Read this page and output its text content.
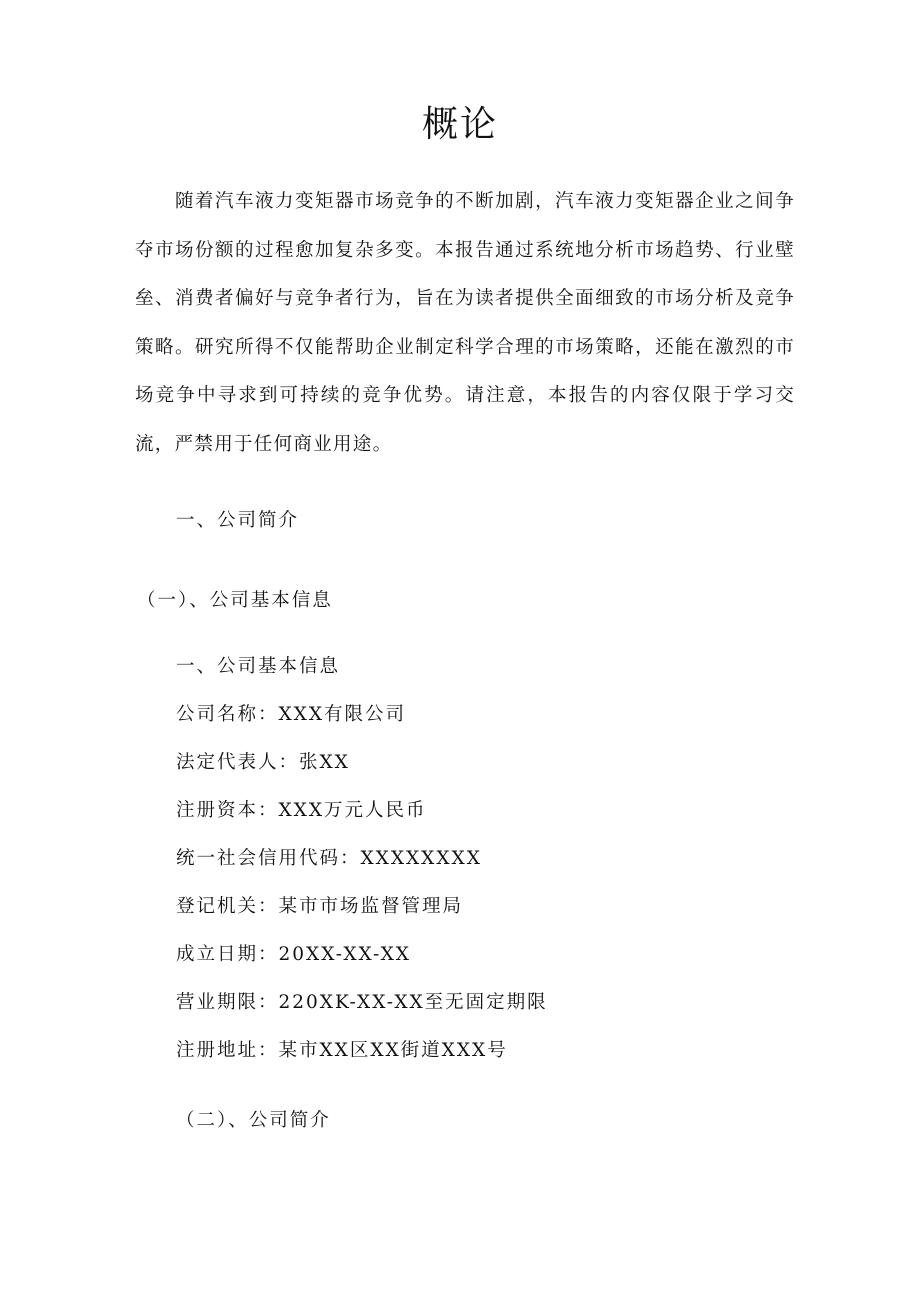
概论
随着汽车液力变矩器市场竞争的不断加剧，汽车液力变矩器企业之间争夺市场份额的过程愈加复杂多变。本报告通过系统地分析市场趋势、行业壁垒、消费者偏好与竞争者行为，旨在为读者提供全面细致的市场分析及竞争策略。研究所得不仅能帮助企业制定科学合理的市场策略，还能在激烈的市场竞争中寻求到可持续的竞争优势。请注意，本报告的内容仅限于学习交流，严禁用于任何商业用途。
一、公司简介
（一）、公司基本信息
一、公司基本信息
公司名称：XXX有限公司
法定代表人：张XX
注册资本：XXX万元人民币
统一社会信用代码：XXXXXXXX
登记机关：某市市场监督管理局
成立日期：20XX-XX-XX
营业期限：220XK-XX-XX至无固定期限
注册地址：某市XX区XX街道XXX号
（二）、公司简介
